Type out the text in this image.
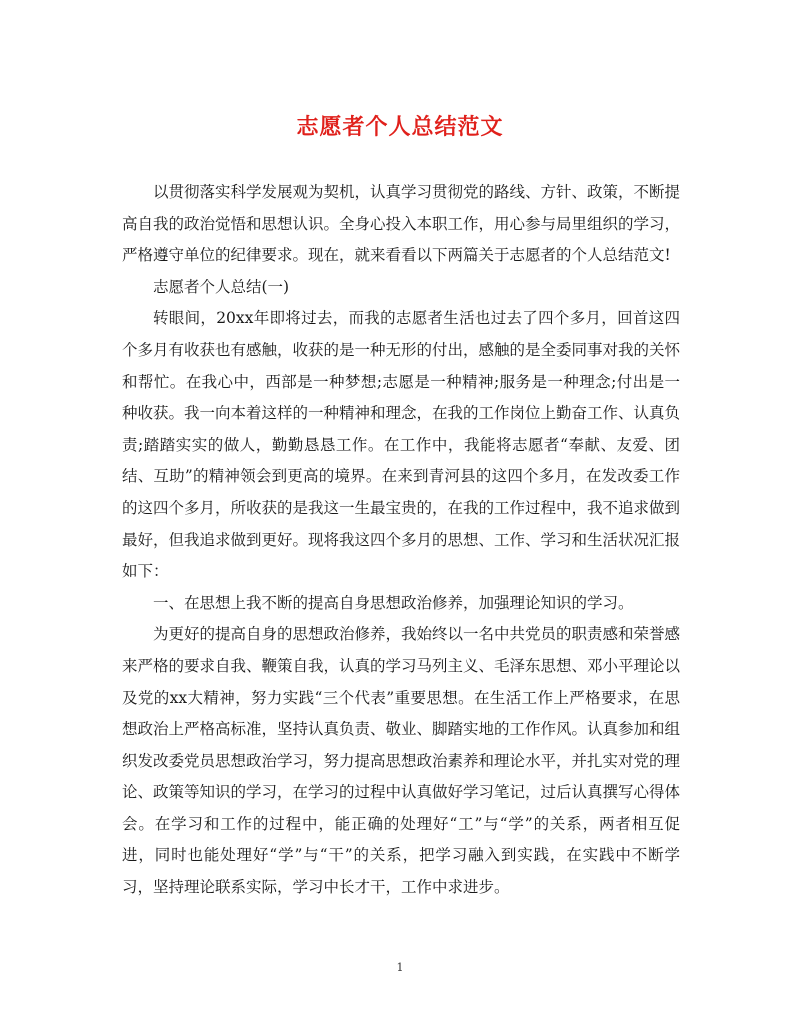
志愿者个人总结范文

以贯彻落实科学发展观为契机，认真学习贯彻党的路线、方针、政策，不断提高自我的政治觉悟和思想认识。全身心投入本职工作，用心参与局里组织的学习，严格遵守单位的纪律要求。现在，就来看看以下两篇关于志愿者的个人总结范文!

志愿者个人总结(一)

转眼间，20xx年即将过去，而我的志愿者生活也过去了四个多月，回首这四个多月有收获也有感触，收获的是一种无形的付出，感触的是全委同事对我的关怀和帮忙。在我心中，西部是一种梦想;志愿是一种精神;服务是一种理念;付出是一种收获。我一向本着这样的一种精神和理念，在我的工作岗位上勤奋工作、认真负责;踏踏实实的做人，勤勤恳恳工作。在工作中，我能将志愿者“奉献、友爱、团结、互助”的精神领会到更高的境界。在来到青河县的这四个多月，在发改委工作的这四个多月，所收获的是我这一生最宝贵的，在我的工作过程中，我不追求做到最好，但我追求做到更好。现将我这四个多月的思想、工作、学习和生活状况汇报如下：

一、在思想上我不断的提高自身思想政治修养，加强理论知识的学习。

为更好的提高自身的思想政治修养，我始终以一名中共党员的职责感和荣誉感来严格的要求自我、鞭策自我，认真的学习马列主义、毛泽东思想、邓小平理论以及党的xx大精神，努力实践“三个代表”重要思想。在生活工作上严格要求，在思想政治上严格高标准，坚持认真负责、敬业、脚踏实地的工作作风。认真参加和组织发改委党员思想政治学习，努力提高思想政治素养和理论水平，并扎实对党的理论、政策等知识的学习，在学习的过程中认真做好学习笔记，过后认真撰写心得体会。在学习和工作的过程中，能正确的处理好“工”与“学”的关系，两者相互促进，同时也能处理好“学”与“干”的关系，把学习融入到实践，在实践中不断学习，坚持理论联系实际，学习中长才干，工作中求进步。

1
